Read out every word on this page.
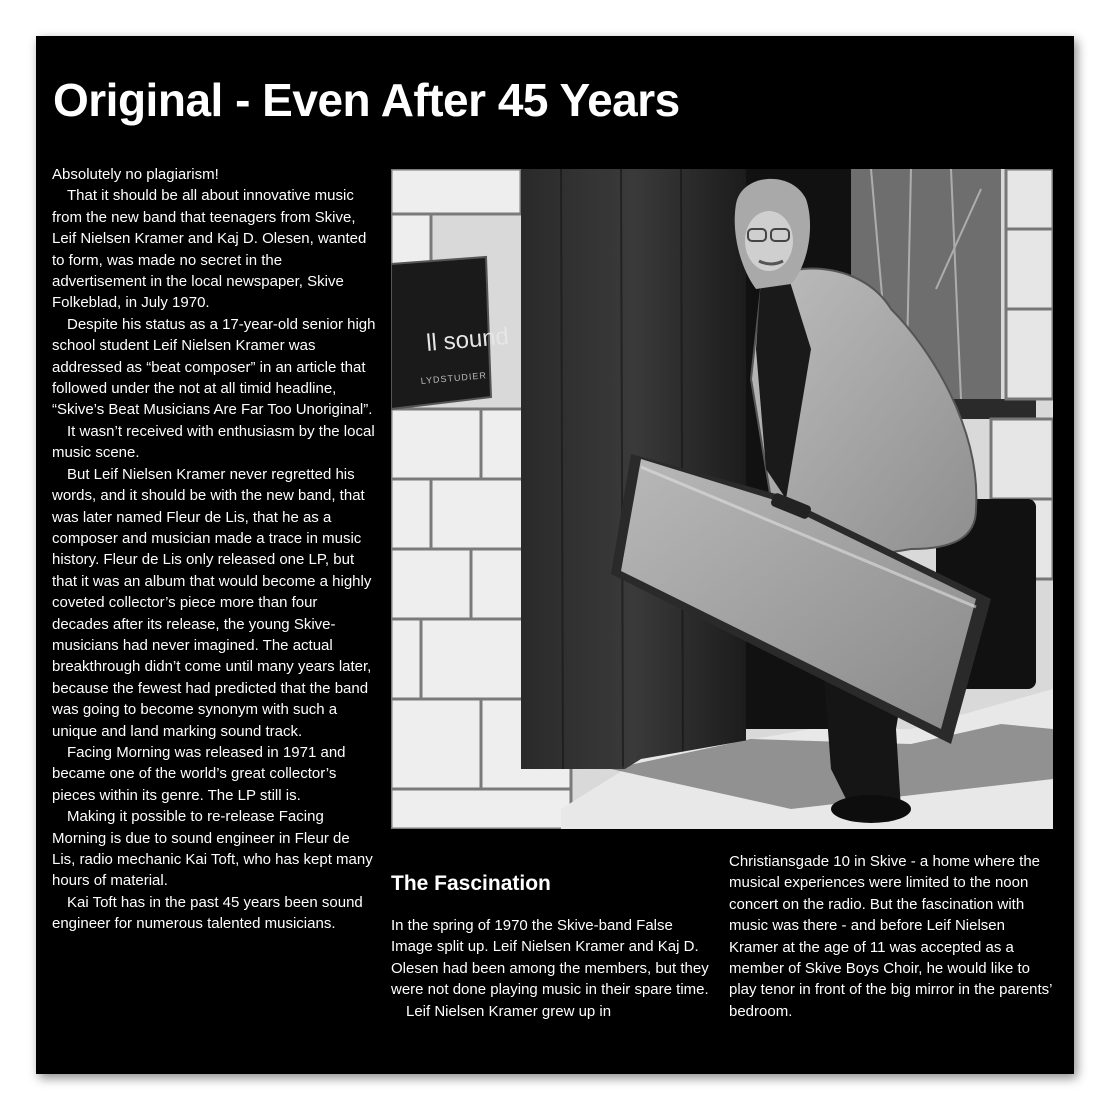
Original - Even After 45 Years

Absolutely no plagiarism!

That it should be all about innovative music from the new band that teenagers from Skive, Leif Nielsen Kramer and Kaj D. Olesen, wanted to form, was made no secret in the advertisement in the local newspaper, Skive Folkeblad, in July 1970.

Despite his status as a 17-year-old senior high school student Leif Nielsen Kramer was addressed as “beat composer” in an article that followed under the not at all timid headline, “Skive’s Beat Musicians Are Far Too Unoriginal”.

It wasn’t received with enthusiasm by the local music scene.

But Leif Nielsen Kramer never regretted his words, and it should be with the new band, that was later named Fleur de Lis, that he as a composer and musician made a trace in music history. Fleur de Lis only released one LP, but that it was an album that would become a highly coveted collector’s piece more than four decades after its release, the young Skive-musicians had never imagined. The actual breakthrough didn’t come until many years later, because the fewest had predicted that the band was going to become synonym with such a unique and land marking sound track.

Facing Morning was released in 1971 and became one of the world’s great collector’s pieces within its genre. The LP still is.

Making it possible to re-release Facing Morning is due to sound engineer in Fleur de Lis, radio mechanic Kai Toft, who has kept many hours of material.

Kai Toft has in the past 45 years been sound engineer for numerous talented musicians.

ll sound
LYDSTUDIER
The Fascination

In the spring of 1970 the Skive-band False Image split up. Leif Nielsen Kramer and Kaj D. Olesen had been among the members, but they were not done playing music in their spare time.

Leif Nielsen Kramer grew up in

Christiansgade 10 in Skive - a home where the musical experiences were limited to the noon concert on the radio. But the fascination with music was there - and before Leif Nielsen Kramer at the age of 11 was accepted as a member of Skive Boys Choir, he would like to play tenor in front of the big mirror in the parents’ bedroom.
